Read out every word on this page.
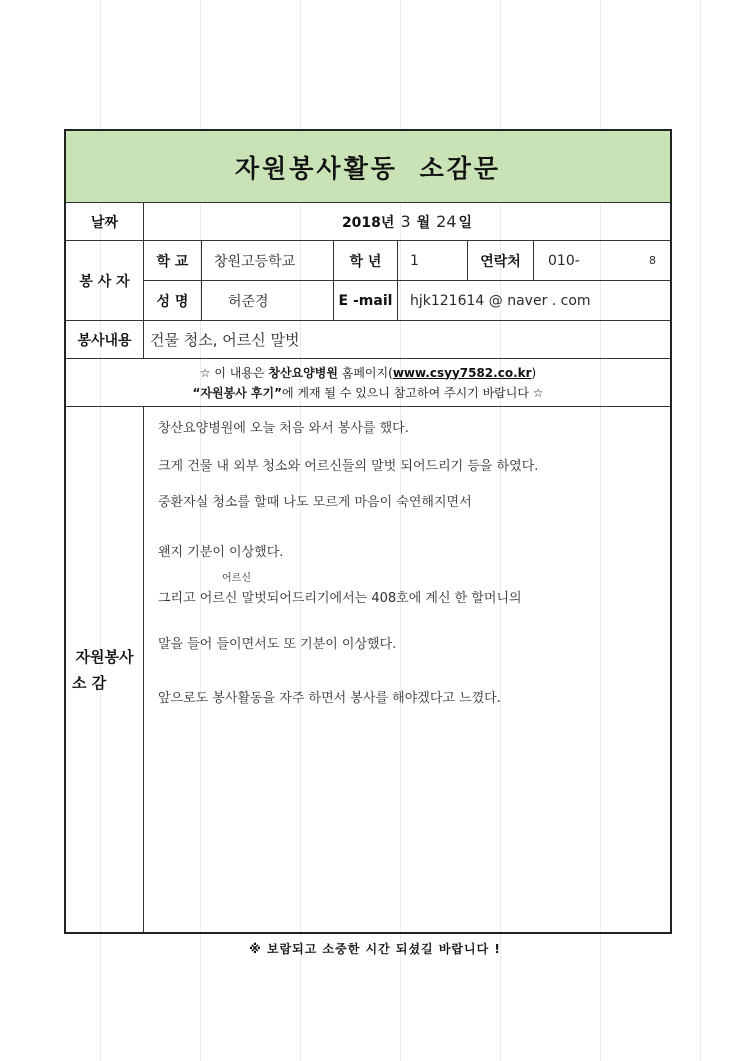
자원봉사활동 소감문
날짜	2018년 3 월 24 일
봉 사 자
학 교	창원고등학교	학 년	1	연락처	010-	8
성 명	허준경	E -mail	hjk121614 @ naver . com
봉사내용	건물 청소, 어르신 말벗
☆ 이 내용은 창산요양병원 홈페이지(www.csyy7582.co.kr)
“자원봉사 후기”에 게재 될 수 있으니 참고하여 주시기 바랍니다 ☆
자원봉사
소 감
창산요양병원에 오늘 처음 와서 봉사를 했다.
크게 건물 내 외부 청소와 어르신들의 말벗 되어드리기 등을 하였다.
중환자실 청소를 할때 나도 모르게 마음이 숙연해지면서
왠지 기분이 이상했다.
어르신
그리고 어르신 말벗되어드리기에서는 408호에 계신 한 할머니의
말을 들어 들이면서도 또 기분이 이상했다.
앞으로도 봉사활동을 자주 하면서 봉사를 해야겠다고 느꼈다.
※ 보람되고 소중한 시간 되셨길 바랍니다 !
